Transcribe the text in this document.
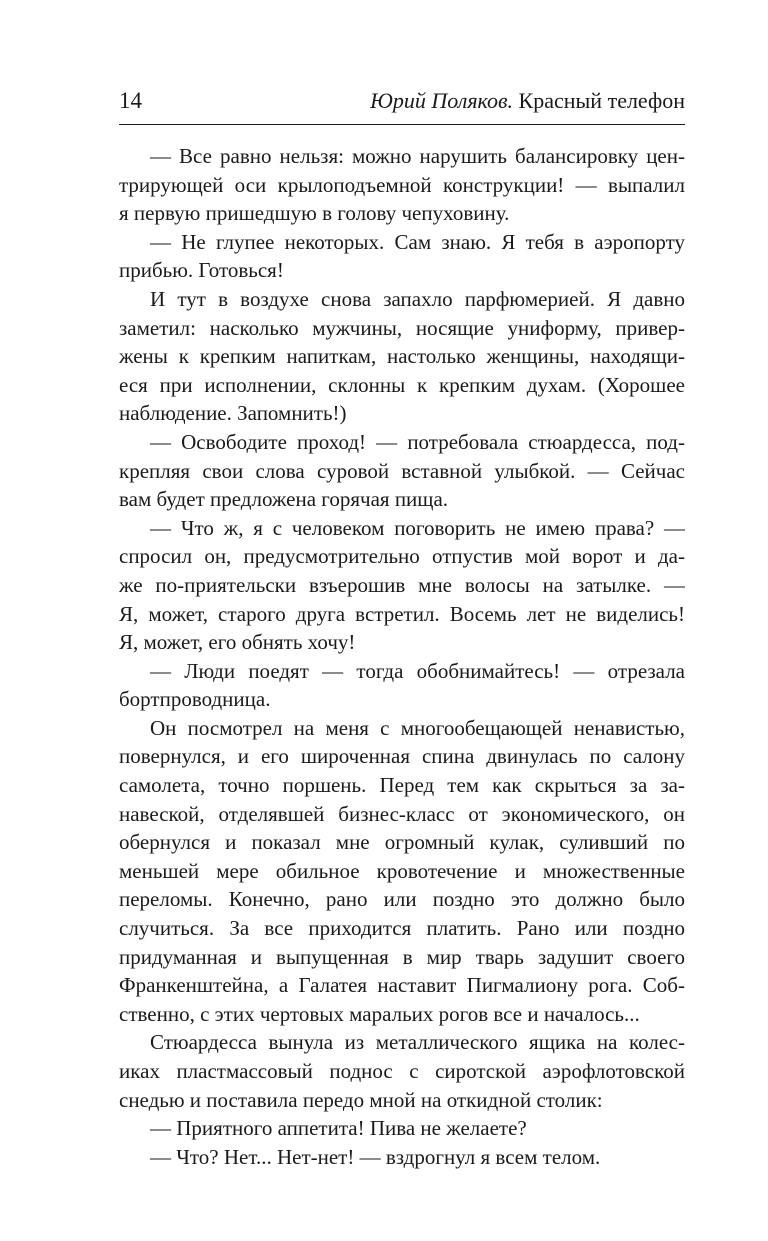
14	Юрий Поляков. Красный телефон
— Все равно нельзя: можно нарушить балансировку цен-
трирующей оси крылоподъемной конструкции! — выпалил
я первую пришедшую в голову чепуховину.
— Не глупее некоторых. Сам знаю. Я тебя в аэропорту
прибью. Готовься!
И тут в воздухе снова запахло парфюмерией. Я давно
заметил: насколько мужчины, носящие униформу, привер-
жены к крепким напиткам, настолько женщины, находящи-
еся при исполнении, склонны к крепким духам. (Хорошее
наблюдение. Запомнить!)
— Освободите проход! — потребовала стюардесса, под-
крепляя свои слова суровой вставной улыбкой. — Сейчас
вам будет предложена горячая пища.
— Что ж, я с человеком поговорить не имею права? —
спросил он, предусмотрительно отпустив мой ворот и да-
же по-приятельски взъерошив мне волосы на затылке. —
Я, может, старого друга встретил. Восемь лет не виделись!
Я, может, его обнять хочу!
— Люди поедят — тогда обобнимайтесь! — отрезала
бортпроводница.
Он посмотрел на меня с многообещающей ненавистью,
повернулся, и его широченная спина двинулась по салону
самолета, точно поршень. Перед тем как скрыться за за-
навеской, отделявшей бизнес-класс от экономического, он
обернулся и показал мне огромный кулак, суливший по
меньшей мере обильное кровотечение и множественные
переломы. Конечно, рано или поздно это должно было
случиться. За все приходится платить. Рано или поздно
придуманная и выпущенная в мир тварь задушит своего
Франкенштейна, а Галатея наставит Пигмалиону рога. Соб-
ственно, с этих чертовых маральих рогов все и началось...
Стюардесса вынула из металлического ящика на колес-
иках пластмассовый поднос с сиротской аэрофлотовской
снедью и поставила передо мной на откидной столик:
— Приятного аппетита! Пива не желаете?
— Что? Нет... Нет-нет! — вздрогнул я всем телом.
